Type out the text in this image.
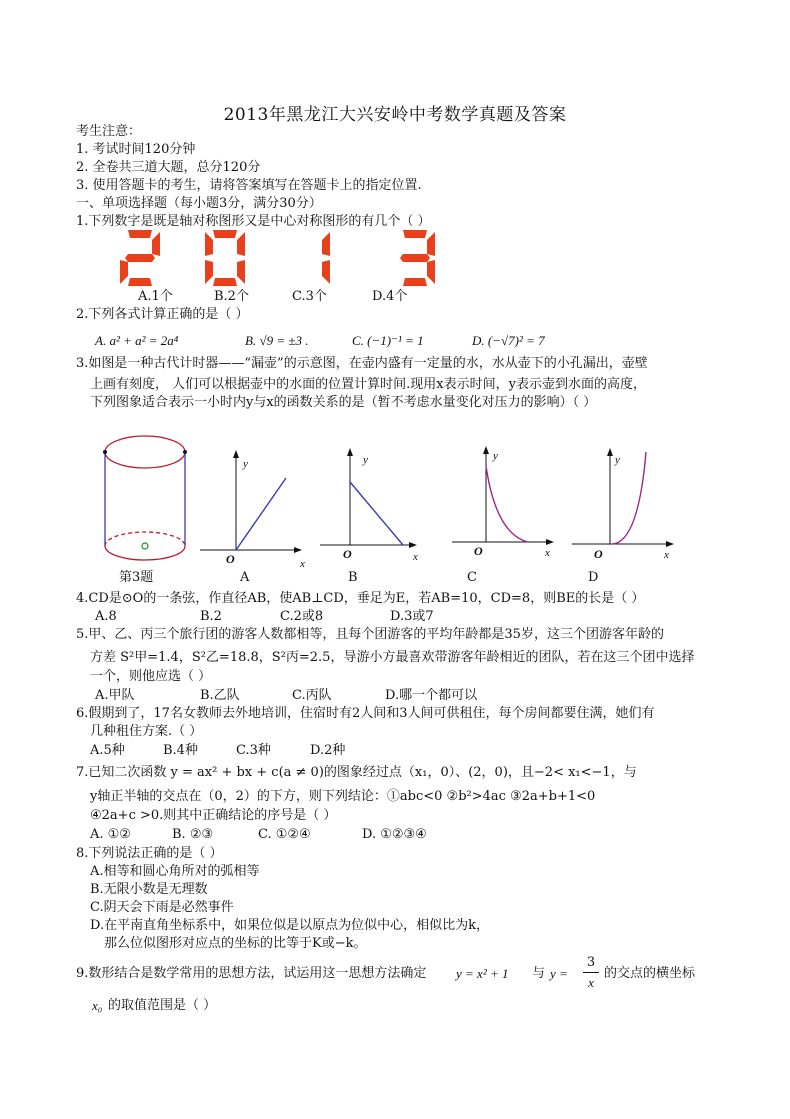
2013年黑龙江大兴安岭中考数学真题及答案
考生注意：
1. 考试时间120分钟
2. 全卷共三道大题，总分120分
3. 使用答题卡的考生，请将答案填写在答题卡上的指定位置.
一、单项选择题（每小题3分，满分30分）
1.下列数字是既是轴对称图形又是中心对称图形的有几个（ ）
A.1个	B.2个	C.3个	D.4个
2.下列各式计算正确的是（ ）
A. a² + a² = 2a⁴	B. √9 = ±3 .	C. (−1)⁻¹ = 1	D. (−√7)² = 7
3.如图是一种古代计时器——“漏壶”的示意图，在壶内盛有一定量的水，水从壶下的小孔漏出，壶壁
上画有刻度， 人们可以根据壶中的水面的位置计算时间.现用x表示时间，y表示壶到水面的高度，
下列图象适合表示一小时内y与x的函数关系的是（暂不考虑水量变化对压力的影响）（ ）
y
O	x
y
O	x
y
O	x
y
O	x
第3题	A	B	C	D
4.CD是⊙O的一条弦，作直径AB，使AB⊥CD，垂足为E，若AB=10，CD=8，则BE的长是（ ）
A.8	B.2	C.2或8	D.3或7
5.甲、乙、丙三个旅行团的游客人数都相等，且每个团游客的平均年龄都是35岁，这三个团游客年龄的
方差 S²甲=1.4，S²乙=18.8，S²丙=2.5，导游小方最喜欢带游客年龄相近的团队，若在这三个团中选择
一个，则他应选（ ）
A.甲队	B.乙队	C.丙队	D.哪一个都可以
6.假期到了，17名女教师去外地培训，住宿时有2人间和3人间可供租住，每个房间都要住满，她们有
几种租住方案.（ ）
A.5种	B.4种	C.3种	D.2种
7.已知二次函数 y = ax² + bx + c(a ≠ 0)的图象经过点（x₁，0）、(2，0)，且−2< x₁<−1，与
y轴正半轴的交点在（0，2）的下方，则下列结论：①abc<0 ②b²>4ac ③2a+b+1<0
④2a+c >0.则其中正确结论的序号是（ ）
A. ①②	B. ②③	C. ①②④	D. ①②③④
8.下列说法正确的是（ ）
A.相等和圆心角所对的弧相等
B.无限小数是无理数
C.阴天会下雨是必然事件
D.在平南直角坐标系中，如果位似是以原点为位似中心，相似比为k，
那么位似图形对应点的坐标的比等于K或−k。
9.数形结合是数学常用的思想方法，试运用这一思想方法确定 y = x² + 1 与 y =
3
x
的交点的横坐标
x₀ 的取值范围是（ ）
